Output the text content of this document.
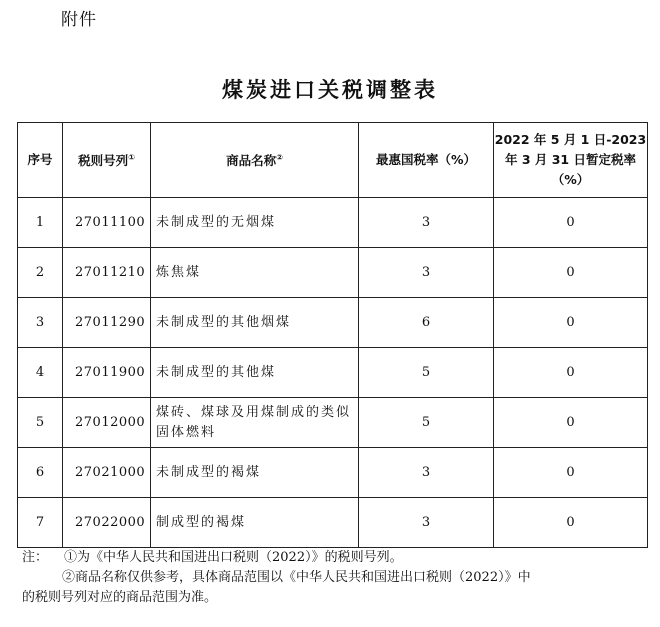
附件
煤炭进口关税调整表
序号	税则号列①	商品名称②	最惠国税率（%）	2022 年 5 月 1 日-2023
年 3 月 31 日暂定税率
（%）

1	27011100	未制成型的无烟煤	3	0
2	27011210	炼焦煤	3	0
3	27011290	未制成型的其他烟煤	6	0
4	27011900	未制成型的其他煤	5	0
5	27012000	煤砖、煤球及用煤制成的类似固体燃料	5	0
6	27021000	未制成型的褐煤	3	0
7	27022000	制成型的褐煤	3	0
注：	①为《中华人民共和国进出口税则（2022）》的税则号列。
②商品名称仅供参考，具体商品范围以《中华人民共和国进出口税则（2022）》中
的税则号列对应的商品范围为准。
